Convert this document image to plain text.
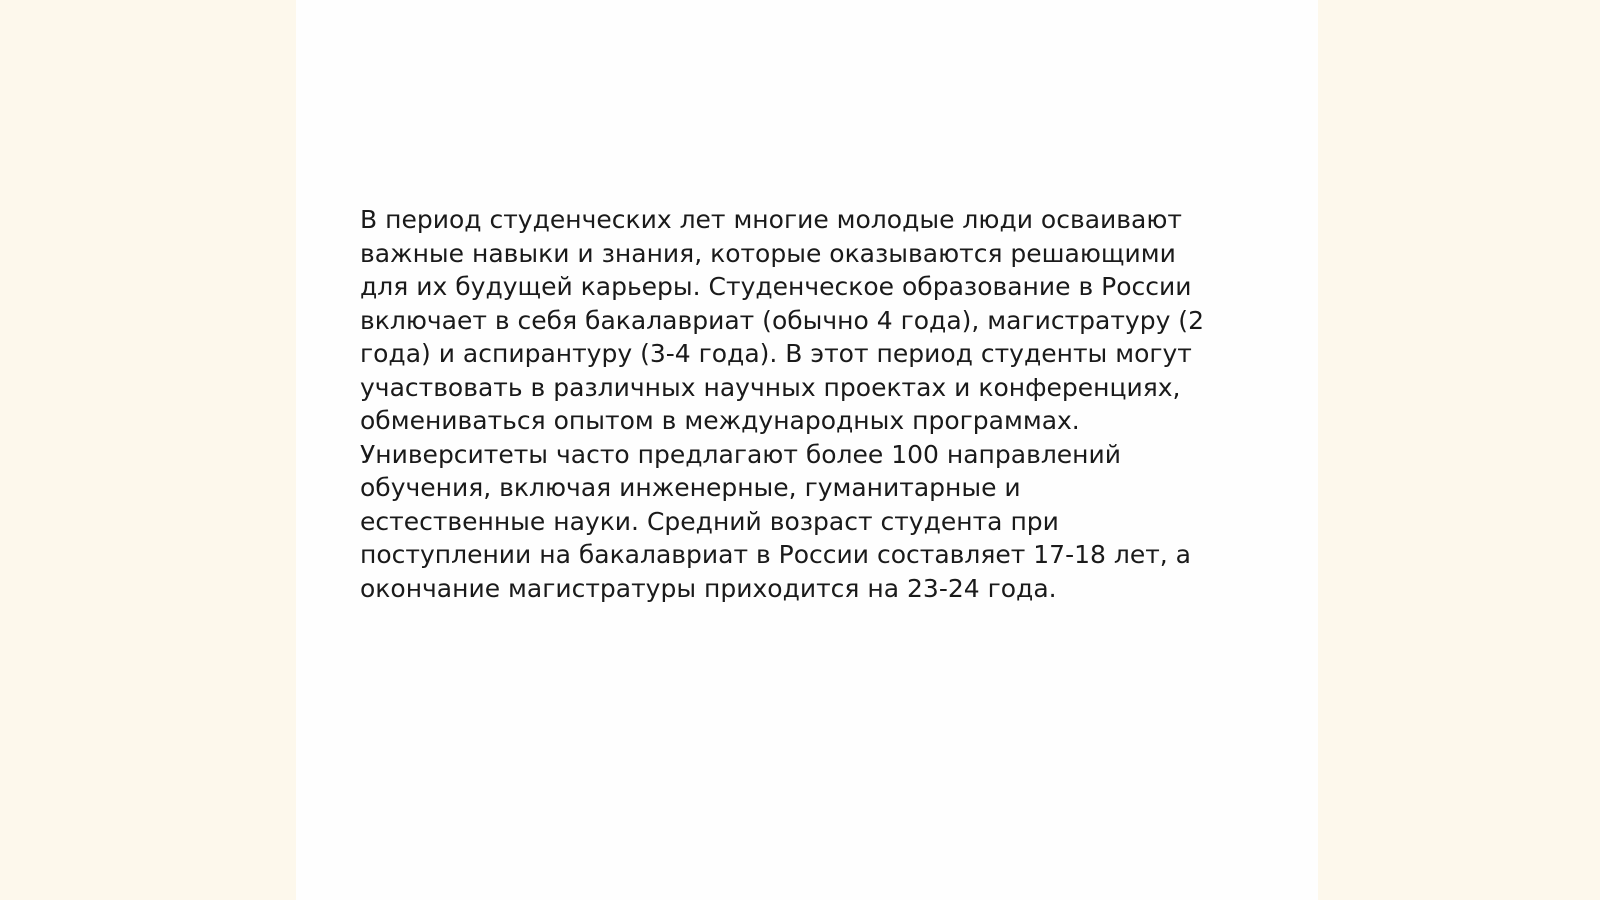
В период студенческих лет многие молодые люди осваивают
важные навыки и знания, которые оказываются решающими
для их будущей карьеры. Студенческое образование в России
включает в себя бакалавриат (обычно 4 года), магистратуру (2
года) и аспирантуру (3-4 года). В этот период студенты могут
участвовать в различных научных проектах и конференциях,
обмениваться опытом в международных программах.
Университеты часто предлагают более 100 направлений
обучения, включая инженерные, гуманитарные и
естественные науки. Средний возраст студента при
поступлении на бакалавриат в России составляет 17-18 лет, а
окончание магистратуры приходится на 23-24 года.
